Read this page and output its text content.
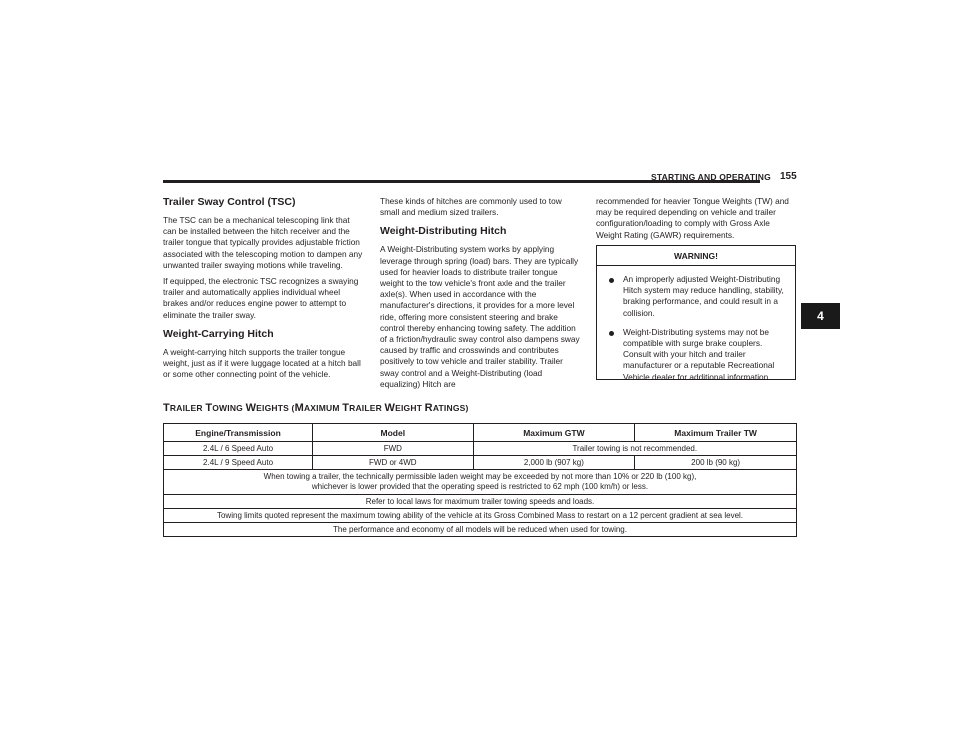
STARTING AND OPERATING 155
4
Trailer Sway Control (TSC)

The TSC can be a mechanical telescoping link that can be installed between the hitch receiver and the trailer tongue that typically provides adjustable friction associated with the telescoping motion to dampen any unwanted trailer swaying motions while traveling.

If equipped, the electronic TSC recognizes a swaying trailer and automatically applies individual wheel brakes and/or reduces engine power to attempt to eliminate the trailer sway.

Weight-Carrying Hitch

A weight-carrying hitch supports the trailer tongue weight, just as if it were luggage located at a hitch ball or some other connecting point of the vehicle.

These kinds of hitches are commonly used to tow small and medium sized trailers.

Weight-Distributing Hitch

A Weight-Distributing system works by applying leverage through spring (load) bars. They are typically used for heavier loads to distribute trailer tongue weight to the tow vehicle's front axle and the trailer axle(s). When used in accordance with the manufacturer's directions, it provides for a more level ride, offering more consistent steering and brake control thereby enhancing towing safety. The addition of a friction/hydraulic sway control also dampens sway caused by traffic and crosswinds and contributes positively to tow vehicle and trailer stability. Trailer sway control and a Weight-Distributing (load equalizing) Hitch are

recommended for heavier Tongue Weights (TW) and may be required depending on vehicle and trailer configuration/loading to comply with Gross Axle Weight Rating (GAWR) requirements.

WARNING!
An improperly adjusted Weight-Distributing Hitch system may reduce handling, stability, braking performance, and could result in a collision.
Weight-Distributing systems may not be compatible with surge brake couplers. Consult with your hitch and trailer manufacturer or a reputable Recreational Vehicle dealer for additional information.
TRAILER TOWING WEIGHTS (MAXIMUM TRAILER WEIGHT RATINGS)
Engine/Transmission	Model	Maximum GTW	Maximum Trailer TW
2.4L / 6 Speed Auto	FWD	Trailer towing is not recommended.	
2.4L / 9 Speed Auto	FWD or 4WD	2,000 lb (907 kg)	200 lb (90 kg)
When towing a trailer, the technically permissible laden weight may be exceeded by not more than 10% or 220 lb (100 kg),
whichever is lower provided that the operating speed is restricted to 62 mph (100 km/h) or less.			
Refer to local laws for maximum trailer towing speeds and loads.			
Towing limits quoted represent the maximum towing ability of the vehicle at its Gross Combined Mass to restart on a 12 percent gradient at sea level.			
The performance and economy of all models will be reduced when used for towing.			
